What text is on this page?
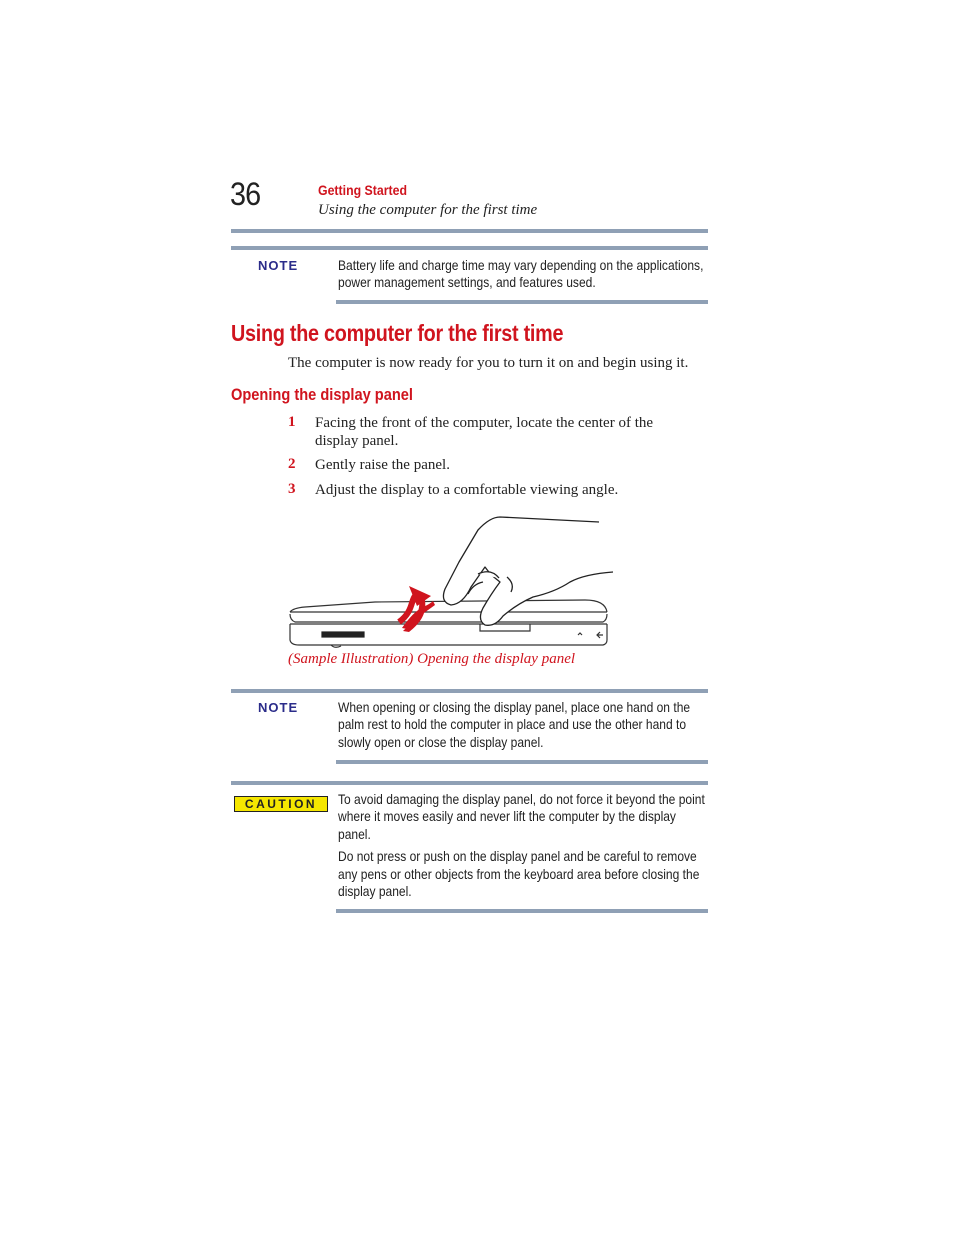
36	Getting Started
Using the computer for the first time
NOTE	Battery life and charge time may vary depending on the applications, power management settings, and features used.
Using the computer for the first time
The computer is now ready for you to turn it on and begin using it.
Opening the display panel
1 Facing the front of the computer, locate the center of the
display panel.
2 Gently raise the panel.
3 Adjust the display to a comfortable viewing angle.
(Sample Illustration) Opening the display panel
NOTE	When opening or closing the display panel, place one hand on the
palm rest to hold the computer in place and use the other hand to
slowly open or close the display panel.
CAUTION	To avoid damaging the display panel, do not force it beyond the point
where it moves easily and never lift the computer by the display
panel.
Do not press or push on the display panel and be careful to remove
any pens or other objects from the keyboard area before closing the
display panel.
